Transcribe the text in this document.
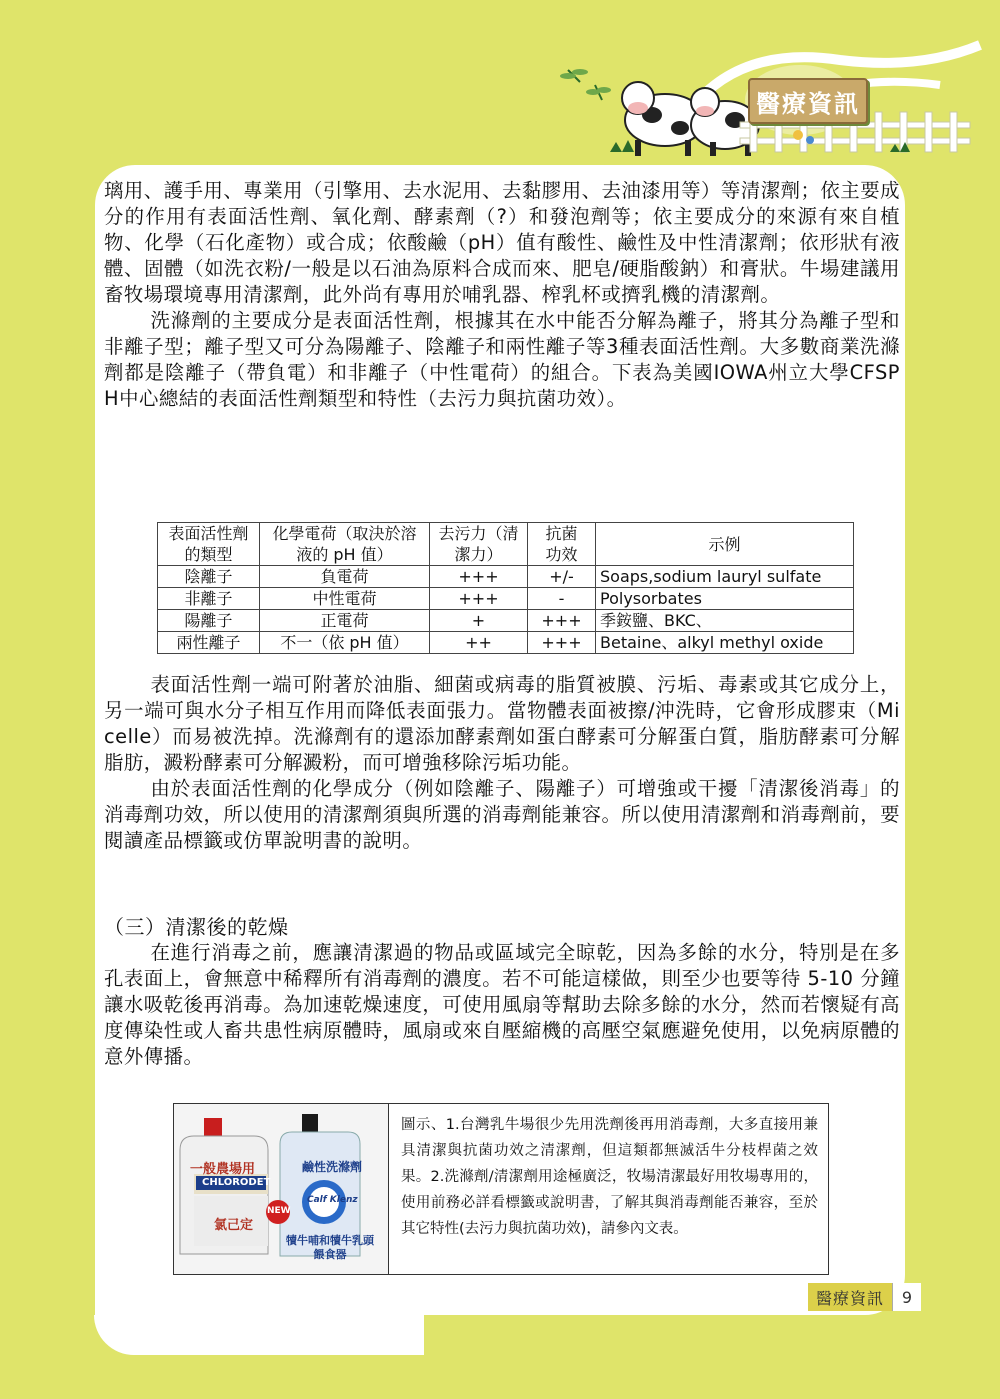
醫療資訊

璃用、護手用、專業用（引擎用、去水泥用、去黏膠用、去油漆用等）等清潔劑；依主要成分的作用有表面活性劑、氧化劑、酵素劑（?）和發泡劑等；依主要成分的來源有來自植物、化學（石化產物）或合成；依酸鹼（pH）值有酸性、鹼性及中性清潔劑；依形狀有液體、固體（如洗衣粉/一般是以石油為原料合成而來、肥皂/硬脂酸鈉）和膏狀。牛場建議用畜牧場環境專用清潔劑，此外尚有專用於哺乳器、榨乳杯或擠乳機的清潔劑。

洗滌劑的主要成分是表面活性劑，根據其在水中能否分解為離子，將其分為離子型和非離子型；離子型又可分為陽離子、陰離子和兩性離子等3種表面活性劑。大多數商業洗滌劑都是陰離子（帶負電）和非離子（中性電荷）的組合。下表為美國IOWA州立大學CFSPH中心總結的表面活性劑類型和特性（去污力與抗菌功效）。

表面活性劑的類型	化學電荷（取決於溶液的 pH 值）	去污力（清潔力）	抗菌功效	示例
陰離子	負電荷	+++	+/-	Soaps,sodium lauryl sulfate
非離子	中性電荷	+++	-	Polysorbates
陽離子	正電荷	+	+++	季銨鹽、BKC、
兩性離子	不一（依 pH 值）	++	+++	Betaine、alkyl methyl oxide

表面活性劑一端可附著於油脂、細菌或病毒的脂質被膜、污垢、毒素或其它成分上，另一端可與水分子相互作用而降低表面張力。當物體表面被擦/沖洗時，它會形成膠束（Micelle）而易被洗掉。洗滌劑有的還添加酵素劑如蛋白酵素可分解蛋白質，脂肪酵素可分解脂肪，澱粉酵素可分解澱粉，而可增強移除污垢功能。

由於表面活性劑的化學成分（例如陰離子、陽離子）可增強或干擾「清潔後消毒」的消毒劑功效，所以使用的清潔劑須與所選的消毒劑能兼容。所以使用清潔劑和消毒劑前，要閱讀產品標籤或仿單說明書的說明。

（三）清潔後的乾燥

在進行消毒之前，應讓清潔過的物品或區域完全晾乾，因為多餘的水分，特別是在多孔表面上，會無意中稀釋所有消毒劑的濃度。若不可能這樣做，則至少也要等待 5-10 分鐘讓水吸乾後再消毒。為加速乾燥速度，可使用風扇等幫助去除多餘的水分，然而若懷疑有高度傳染性或人畜共患性病原體時，風扇或來自壓縮機的高壓空氣應避免使用，以免病原體的意外傳播。

一般農場用
CHLORODET
氯己定
鹼性洗滌劑
Calf Klenz
NEW
犢牛哺和犢牛乳頭餵食器
圖示、1.台灣乳牛場很少先用洗劑後再用消毒劑，大多直接用兼具清潔與抗菌功效之清潔劑，但這類都無滅活牛分枝桿菌之效果。2.洗滌劑/清潔劑用途極廣泛，牧場清潔最好用牧場專用的，使用前務必詳看標籤或說明書，了解其與消毒劑能否兼容，至於其它特性(去污力與抗菌功效)，請參內文表。
醫療資訊	9
